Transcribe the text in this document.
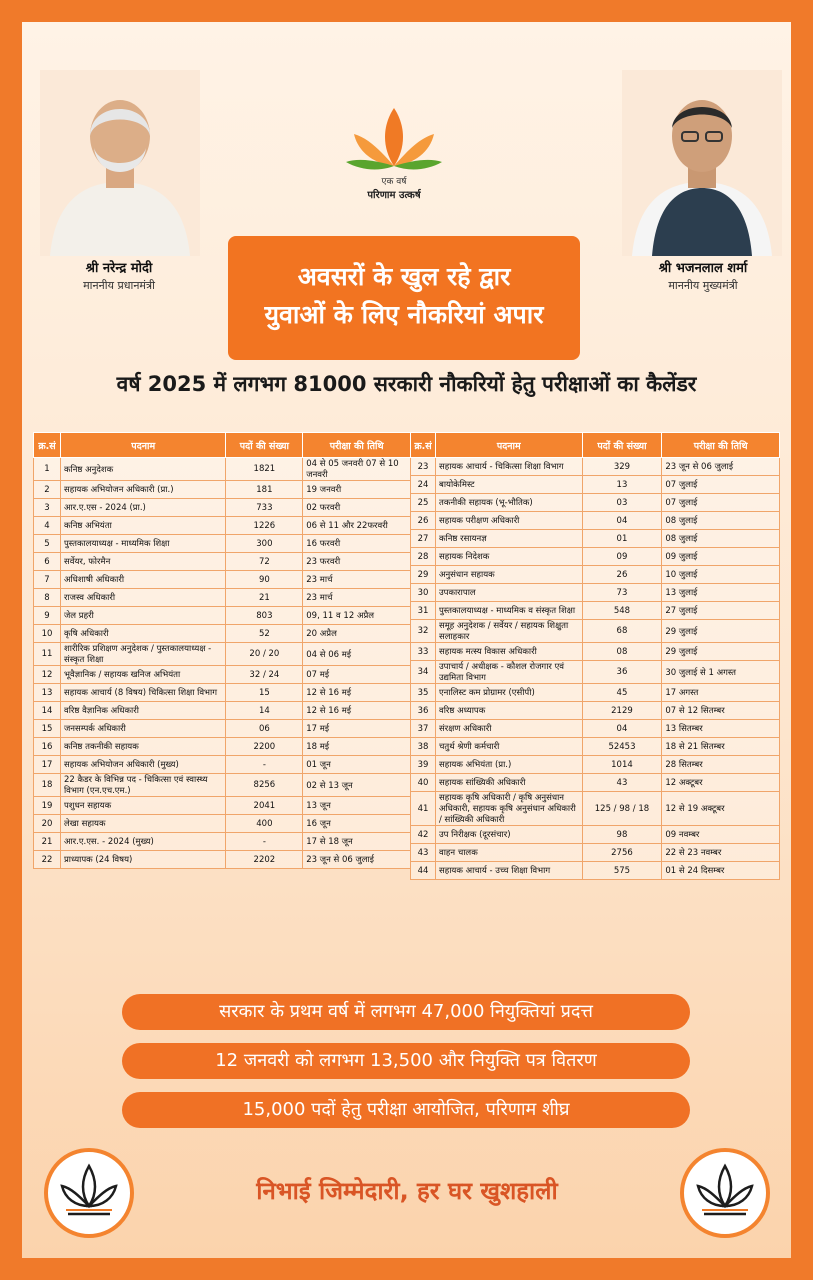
श्री नरेन्द्र मोदी
माननीय प्रधानमंत्री
श्री भजनलाल शर्मा
माननीय मुख्यमंत्री
एक वर्ष
परिणाम उत्कर्ष
अवसरों के खुल रहे द्वार
युवाओं के लिए नौकरियां अपार
वर्ष 2025 में लगभग 81000 सरकारी नौकरियों हेतु परीक्षाओं का कैलेंडर
क्र.सं	पदनाम	पदों की संख्या	परीक्षा की तिथि
1	कनिष्ठ अनुदेशक	1821	04 से 05 जनवरी 07 से 10 जनवरी
2	सहायक अभियोजन अधिकारी (प्रा.)	181	19 जनवरी
3	आर.ए.एस - 2024 (प्रा.)	733	02 फरवरी
4	कनिष्ठ अभियंता	1226	06 से 11 और 22फरवरी
5	पुस्तकालयाध्यक्ष - माध्यमिक शिक्षा	300	16 फरवरी
6	सर्वेयर, फोरमैन	72	23 फरवरी
7	अधिशाषी अधिकारी	90	23 मार्च
8	राजस्व अधिकारी	21	23 मार्च
9	जेल प्रहरी	803	09, 11 व 12 अप्रैल
10	कृषि अधिकारी	52	20 अप्रैल
11	शारीरिक प्रशिक्षण अनुदेशक / पुस्तकालयाध्यक्ष - संस्कृत शिक्षा	20 / 20	04 से 06 मई
12	भूवैज्ञानिक / सहायक खनिज अभियंता	32 / 24	07 मई
13	सहायक आचार्य (8 विषय) चिकित्सा शिक्षा विभाग	15	12 से 16 मई
14	वरिष्ठ वैज्ञानिक अधिकारी	14	12 से 16 मई
15	जनसम्पर्क अधिकारी	06	17 मई
16	कनिष्ठ तकनीकी सहायक	2200	18 मई
17	सहायक अभियोजन अधिकारी (मुख्य)	-	01 जून
18	22 कैडर के विभिन्न पद - चिकित्सा एवं स्वास्थ्य विभाग (एन.एच.एम.)	8256	02 से 13 जून
19	पशुधन सहायक	2041	13 जून
20	लेखा सहायक	400	16 जून
21	आर.ए.एस. - 2024 (मुख्य)	-	17 से 18 जून
22	प्राध्यापक (24 विषय)	2202	23 जून से 06 जुलाई
क्र.सं	पदनाम	पदों की संख्या	परीक्षा की तिथि
23	सहायक आचार्य - चिकित्सा शिक्षा विभाग	329	23 जून से 06 जुलाई
24	बायोकेमिस्ट	13	07 जुलाई
25	तकनीकी सहायक (भू-भौतिक)	03	07 जुलाई
26	सहायक परीक्षण अधिकारी	04	08 जुलाई
27	कनिष्ठ रसायनज्ञ	01	08 जुलाई
28	सहायक निदेशक	09	09 जुलाई
29	अनुसंधान सहायक	26	10 जुलाई
30	उपकारापाल	73	13 जुलाई
31	पुस्तकालयाध्यक्ष - माध्यमिक व संस्कृत शिक्षा	548	27 जुलाई
32	समूह अनुदेशक / सर्वेयर / सहायक शिक्षुता सलाहकार	68	29 जुलाई
33	सहायक मत्स्य विकास अधिकारी	08	29 जुलाई
34	उपाचार्य / अधीक्षक - कौशल रोजगार एवं उद्यमिता विभाग	36	30 जुलाई से 1 अगस्त
35	एनालिस्ट कम प्रोग्रामर (एसीपी)	45	17 अगस्त
36	वरिष्ठ अध्यापक	2129	07 से 12 सितम्बर
37	संरक्षण अधिकारी	04	13 सितम्बर
38	चतुर्थ श्रेणी कर्मचारी	52453	18 से 21 सितम्बर
39	सहायक अभियंता (प्रा.)	1014	28 सितम्बर
40	सहायक सांख्यिकी अधिकारी	43	12 अक्टूबर
41	सहायक कृषि अधिकारी / कृषि अनुसंधान अधिकारी, सहायक कृषि अनुसंधान अधिकारी / सांख्यिकी अधिकारी	125 / 98 / 18	12 से 19 अक्टूबर
42	उप निरीक्षक (दूरसंचार)	98	09 नवम्बर
43	वाहन चालक	2756	22 से 23 नवम्बर
44	सहायक आचार्य - उच्च शिक्षा विभाग	575	01 से 24 दिसम्बर
सरकार के प्रथम वर्ष में लगभग 47,000 नियुक्तियां प्रदत्त
12 जनवरी को लगभग 13,500 और नियुक्ति पत्र वितरण
15,000 पदों हेतु परीक्षा आयोजित, परिणाम शीघ्र
निभाई जिम्मेदारी, हर घर खुशहाली
